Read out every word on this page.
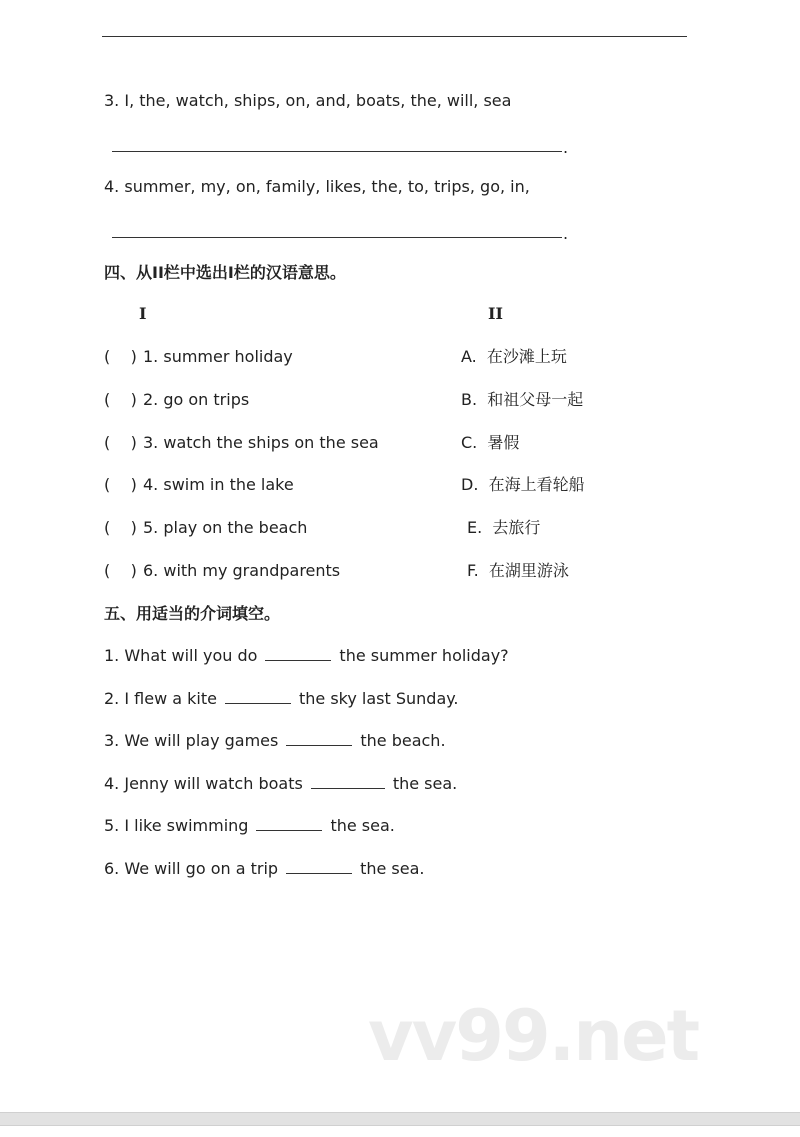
3. I, the, watch, ships, on, and, boats, the, will, sea
.
4. summer, my, on, family, likes, the, to, trips, go, in,
.
四、从II栏中选出I栏的汉语意思。
I	II
(    ) 1. summer holiday	A.  在沙滩上玩
(    ) 2. go on trips	B.  和祖父母一起
(    ) 3. watch the ships on the sea	C.  暑假
(    ) 4. swim in the lake	D.  在海上看轮船
(    ) 5. play on the beach	E.  去旅行
(    ) 6. with my grandparents	F.  在湖里游泳
五、用适当的介词填空。
1. What will you do	the summer holiday?
2. I flew a kite	the sky last Sunday.
3. We will play games	the beach.
4. Jenny will watch boats	the sea.
5. I like swimming	the sea.
6. We will go on a trip	the sea.
vv99.net
